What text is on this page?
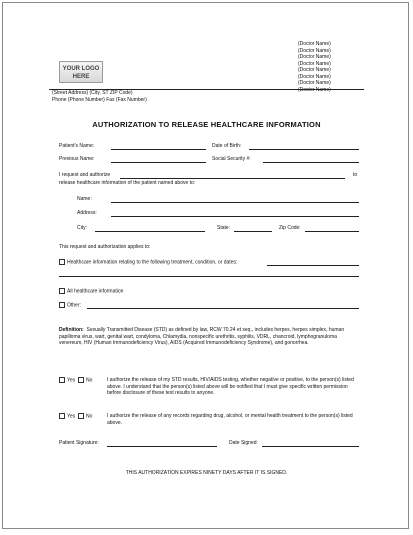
YOUR LOGO HERE
(Doctor Name)
(Doctor Name)
(Doctor Name)
(Doctor Name)
(Doctor Name)
(Doctor Name)
(Doctor Name)
(Doctor Name)
(Street Address) (City, ST ZIP Code)
Phone (Phone Number) Fax (Fax Number)
AUTHORIZATION TO RELEASE HEALTHCARE INFORMATION
Patient's Name:	Date of Birth:
Previous Name:	Social Security #:
I request and authorize	to
release healthcare information of the patient named above to:
Name:
Address:
City:	State:	Zip Code:
This request and authorization applies to:
Healthcare information relating to the following treatment, condition, or dates:
All healthcare information
Other:
Definition: Sexually Transmitted Disease (STD) as defined by law, RCW 70.24 et seq., includes herpes, herpes simplex, human papilloma virus, wart, genital wart, condyloma, Chlamydia, nonspecific urethritis, syphilis, VDRL, chancroid, lymphogranuloma venereum, HIV (Human Immunodeficiency Virus), AIDS (Acquired Immunodeficiency Syndrome), and gonorrhea.
Yes No	I authorize the release of my STD results, HIV/AIDS testing, whether negative or positive, to the person(s) listed above. I understand that the person(s) listed above will be notified that I must give specific written permission before disclosure of these test results to anyone.
Yes No	I authorize the release of any records regarding drug, alcohol, or mental health treatment to the person(s) listed above.
Patient Signature:	Date Signed:
THIS AUTHORIZATION EXPIRES NINETY DAYS AFTER IT IS SIGNED.
